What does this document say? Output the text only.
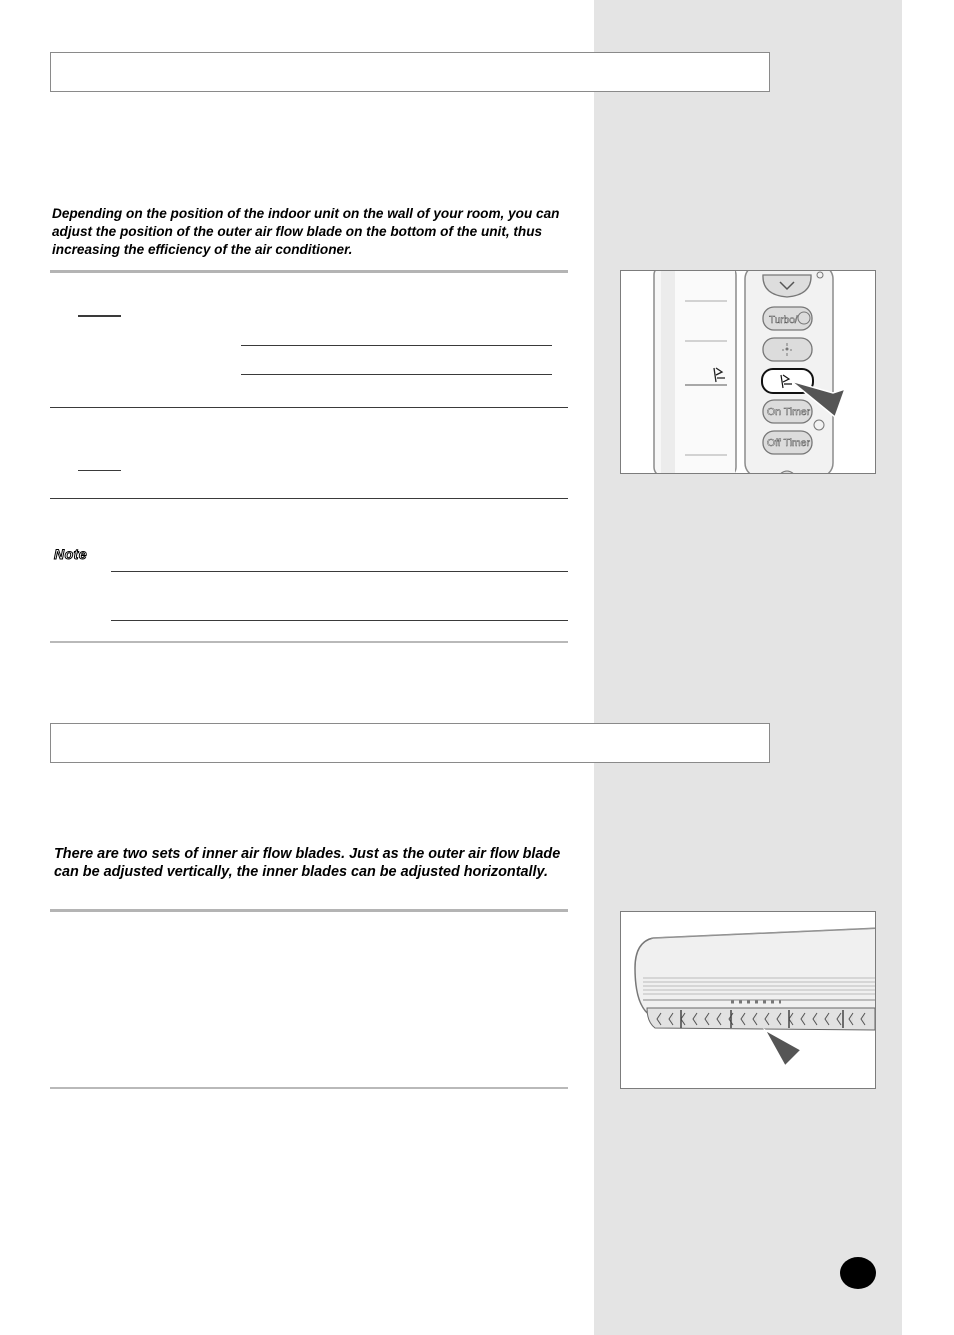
Depending on the position of the indoor unit on the wall of your room, you can adjust the position of the outer air flow blade on the bottom of the unit, thus increasing the efficiency of the air conditioner.

Note
Turbo/
On Timer
Off Timer

There are two sets of inner air flow blades. Just as the outer air flow blade can be adjusted vertically, the inner blades can be adjusted horizontally.
